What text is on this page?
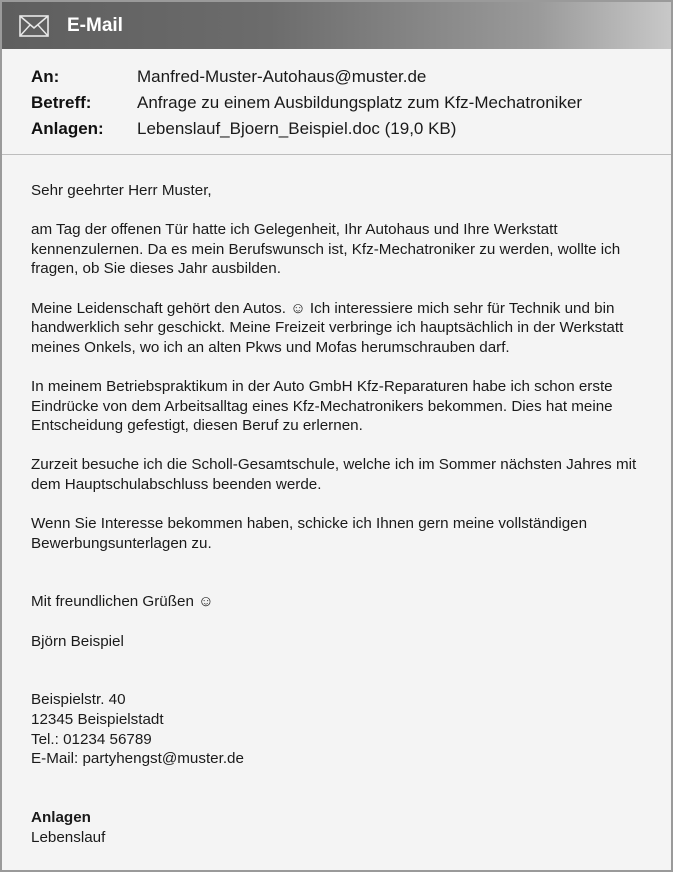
E-Mail
An:	Manfred-Muster-Autohaus@muster.de
Betreff:	Anfrage zu einem Ausbildungsplatz zum Kfz-Mechatroniker
Anlagen:	Lebenslauf_Bjoern_Beispiel.doc (19,0 KB)

Sehr geehrter Herr Muster,

am Tag der offenen Tür hatte ich Gelegenheit, Ihr Autohaus und Ihre Werkstatt kennenzulernen. Da es mein Berufswunsch ist, Kfz-Mechatroniker zu werden, wollte ich fragen, ob Sie dieses Jahr ausbilden.

Meine Leidenschaft gehört den Autos. ☺ Ich interessiere mich sehr für Technik und bin handwerklich sehr geschickt. Meine Freizeit verbringe ich hauptsächlich in der Werkstatt meines Onkels, wo ich an alten Pkws und Mofas herumschrauben darf.

In meinem Betriebspraktikum in der Auto GmbH Kfz-Reparaturen habe ich schon erste Eindrücke von dem Arbeitsalltag eines Kfz-Mechatronikers bekommen. Dies hat meine Entscheidung gefestigt, diesen Beruf zu erlernen.

Zurzeit besuche ich die Scholl-Gesamtschule, welche ich im Sommer nächsten Jahres mit dem Hauptschulabschluss beenden werde.

Wenn Sie Interesse bekommen haben, schicke ich Ihnen gern meine vollständigen Bewerbungsunterlagen zu.

Mit freundlichen Grüßen ☺

Björn Beispiel

Beispielstr. 40

12345 Beispielstadt

Tel.: 01234 56789

E-Mail: partyhengst@muster.de

Anlagen

Lebenslauf
